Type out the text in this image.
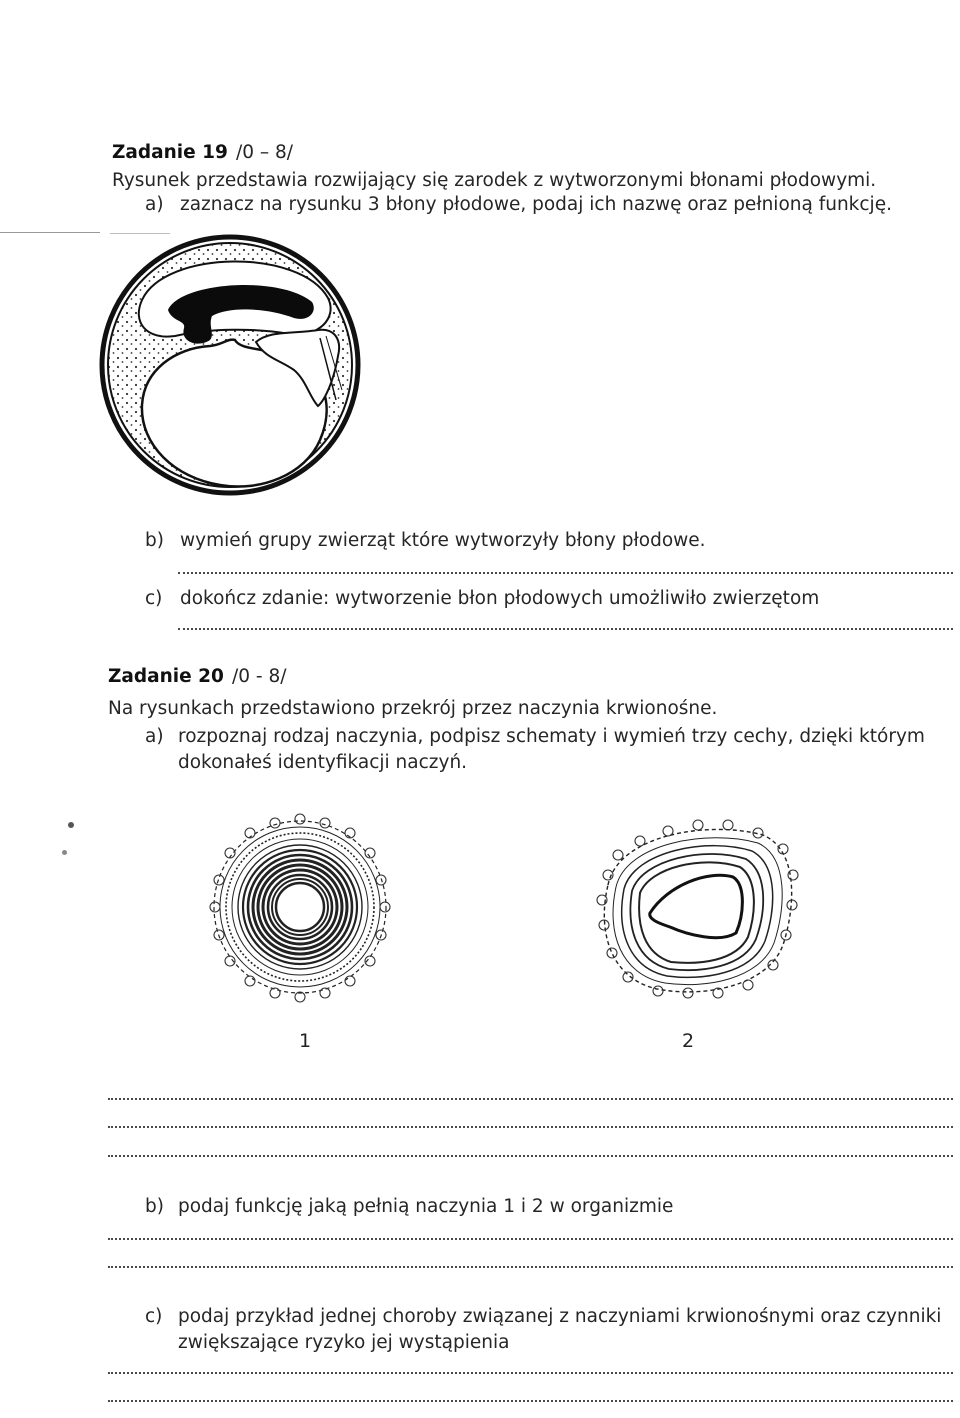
Zadanie 19 /0 – 8/
Rysunek przedstawia rozwijający się zarodek z wytworzonymi błonami płodowymi.
a) zaznacz na rysunku 3 błony płodowe, podaj ich nazwę oraz pełnioną funkcję.
b) wymień grupy zwierząt które wytworzyły błony płodowe.
c) dokończ zdanie: wytworzenie błon płodowych umożliwiło zwierzętom
Zadanie 20 /0 - 8/
Na rysunkach przedstawiono przekrój przez naczynia krwionośne.
a) rozpoznaj rodzaj naczynia, podpisz schematy i wymień trzy cechy, dzięki którym
dokonałeś identyfikacji naczyń.
1	2
b) podaj funkcję jaką pełnią naczynia 1 i 2 w organizmie
c) podaj przykład jednej choroby związanej z naczyniami krwionośnymi oraz czynniki
zwiększające ryzyko jej wystąpienia
